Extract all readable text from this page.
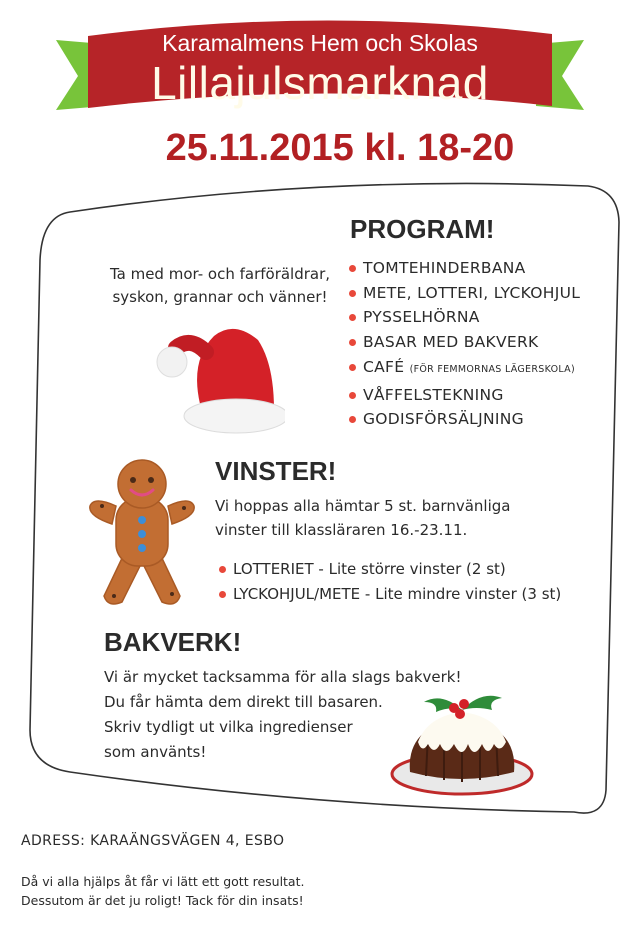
Karamalmens Hem och Skolas
Lillajulsmarknad
25.11.2015 kl. 18-20
PROGRAM!

Ta med mor- och farföräldrar,

syskon, grannar och vänner!

TOMTEHINDERBANA
METE, LOTTERI, LYCKOHJUL
PYSSELHÖRNA
BASAR MED BAKVERK
CAFÉ (FÖR FEMMORNAS LÄGERSKOLA)
VÅFFELSTEKNING
GODISFÖRSÄLJNING
VINSTER!

Vi hoppas alla hämtar 5 st. barnvänliga

vinster till klassläraren 16.-23.11.

LOTTERIET - Lite större vinster (2 st)
LYCKOHJUL/METE - Lite mindre vinster (3 st)
BAKVERK!

Vi är mycket tacksamma för alla slags bakverk!

Du får hämta dem direkt till basaren.

Skriv tydligt ut vilka ingredienser

som använts!

ADRESS: KARAÄNGSVÄGEN 4, ESBO

Då vi alla hjälps åt får vi lätt ett gott resultat.

Dessutom är det ju roligt! Tack för din insats!
